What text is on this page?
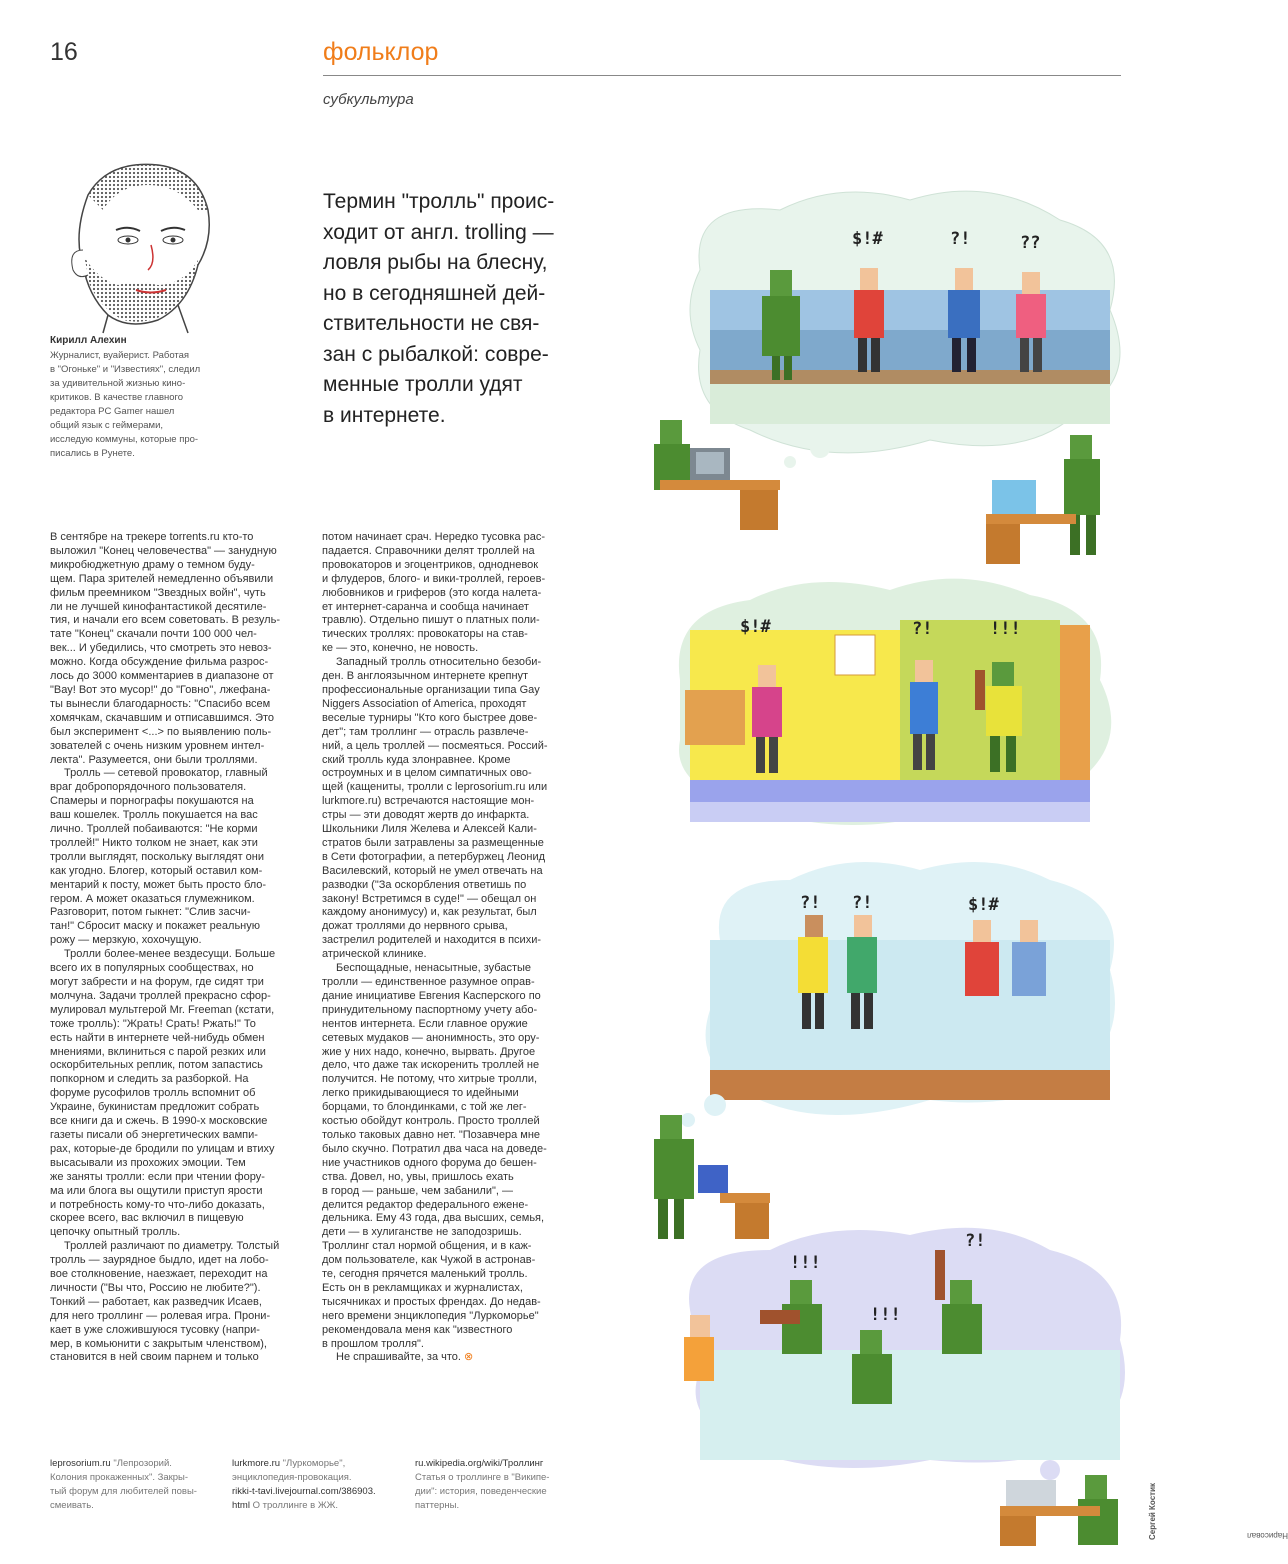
16	фольклор
субкультура
Кирилл Алехин
Журналист, вуайерист. Работая
в "Огоньке" и "Известиях", следил
за удивительной жизнью кино-
критиков. В качестве главного
редактора PC Gamer нашел
общий язык с геймерами,
исследую коммуны, которые про-
писались в Рунете.
Термин "тролль" проис-
ходит от англ. trolling —
ловля рыбы на блесну,
но в сегодняшней дей-
ствительности не свя-
зан с рыбалкой: совре-
менные тролли удят
в интернете.

В сентябре на трекере torrents.ru кто-то
выложил "Конец человечества" — занудную
микробюджетную драму о темном буду-
щем. Пара зрителей немедленно объявили
фильм преемником "Звездных войн", чуть
ли не лучшей кинофантастикой десятиле-
тия, и начали его всем советовать. В резуль-
тате "Конец" скачали почти 100 000 чел-
век... И убедились, что смотреть это невоз-
можно. Когда обсуждение фильма разрос-
лось до 3000 комментариев в диапазоне от
"Вау! Вот это мусор!" до "Говно", лжефана-
ты вынесли благодарность: "Спасибо всем
хомячкам, скачавшим и отписавшимся. Это
был эксперимент <...> по выявлению поль-
зователей с очень низким уровнем интел-
лекта". Разумеется, они были троллями.

Тролль — сетевой провокатор, главный
враг добропорядочного пользователя.
Спамеры и порнографы покушаются на
ваш кошелек. Тролль покушается на вас
лично. Троллей побаиваются: "Не корми
троллей!" Никто толком не знает, как эти
тролли выглядят, поскольку выглядят они
как угодно. Блогер, который оставил ком-
ментарий к посту, может быть просто бло-
гером. А может оказаться глумежником.
Разговорит, потом гыкнет: "Слив засчи-
тан!" Сбросит маску и покажет реальную
рожу — мерзкую, хохочущую.

Тролли более-менее вездесущи. Больше
всего их в популярных сообществах, но
могут забрести и на форум, где сидят три
молчуна. Задачи троллей прекрасно сфор-
мулировал мультгерой Mr. Freeman (кстати,
тоже тролль): "Жрать! Срать! Ржать!" То
есть найти в интернете чей-нибудь обмен
мнениями, вклиниться с парой резких или
оскорбительных реплик, потом запастись
попкорном и следить за разборкой. На
форуме русофилов тролль вспомнит об
Украине, букинистам предложит собрать
все книги да и сжечь. В 1990-х московские
газеты писали об энергетических вампи-
рах, которые-де бродили по улицам и втиху
высасывали из прохожих эмоции. Тем
же заняты тролли: если при чтении фору-
ма или блога вы ощутили приступ ярости
и потребность кому-то что-либо доказать,
скорее всего, вас включил в пищевую
цепочку опытный тролль.

Троллей различают по диаметру. Толстый
тролль — заурядное быдло, идет на лобо-
вое столкновение, наезжает, переходит на
личности ("Вы что, Россию не любите?").
Тонкий — работает, как разведчик Исаев,
для него троллинг — ролевая игра. Прони-
кает в уже сложившуюся тусовку (напри-
мер, в комьюнити с закрытым членством),
становится в ней своим парнем и только

потом начинает срач. Нередко тусовка рас-
падается. Справочники делят троллей на
провокаторов и эгоцентриков, однодневок
и флудеров, блого- и вики-троллей, героев-
любовников и гриферов (это когда налета-
ет интернет-саранча и сообща начинает
травлю). Отдельно пишут о платных поли-
тических троллях: провокаторы на став-
ке — это, конечно, не новость.

Западный тролль относительно безоби-
ден. В англоязычном интернете крепнут
профессиональные организации типа Gay
Niggers Association of America, проходят
веселые турниры "Кто кого быстрее дове-
дет"; там троллинг — отрасль развлече-
ний, а цель троллей — посмеяться. Россий-
ский тролль куда злонравнее. Кроме
остроумных и в целом симпатичных ово-
щей (кащениты, тролли с leprosorium.ru или
lurkmore.ru) встречаются настоящие мон-
стры — эти доводят жертв до инфаркта.
Школьники Лиля Желева и Алексей Кали-
стратов были затравлены за размещенные
в Сети фотографии, а петербуржец Леонид
Василевский, который не умел отвечать на
разводки ("За оскорбления ответишь по
закону! Встретимся в суде!" — обещал он
каждому анонимусу) и, как результат, был
дожат троллями до нервного срыва,
застрелил родителей и находится в психи-
атрической клинике.

Беспощадные, ненасытные, зубастые
тролли — единственное разумное оправ-
дание инициативе Евгения Касперского по
принудительному паспортному учету або-
нентов интернета. Если главное оружие
сетевых мудаков — анонимность, это ору-
жие у них надо, конечно, вырвать. Другое
дело, что даже так искоренить троллей не
получится. Не потому, что хитрые тролли,
легко прикидывающиеся то идейными
борцами, то блондинками, с той же лег-
костью обойдут контроль. Просто троллей
только таковых давно нет. "Позавчера мне
было скучно. Потратил два часа на доведе-
ние участников одного форума до бешен-
ства. Довел, но, увы, пришлось ехать
в город — раньше, чем забанили", —
делится редактор федерального еженe-
дельника. Ему 43 года, два высших, семья,
дети — в хулиганстве не заподозришь.
Троллинг стал нормой общения, и в каж-
дом пользователе, как Чужой в астронав-
те, сегодня прячется маленький тролль.
Есть он в рекламщиках и журналистах,
тысячниках и простых френдах. До недав-
него времени энциклопедия "Луркоморье"
рекомендовала меня как "известного
в прошлом тролля".

Не спрашивайте, за что. ⊗

leprosorium.ru "Лепрозорий.
Колония прокаженных". Закры-
тый форум для любителей повы-
смеивать.
lurkmore.ru "Луркоморье",
энциклопедия-провокация.
rikki-t-tavi.livejournal.com/386903.
html О троллинге в ЖЖ.
ru.wikipedia.org/wiki/Троллинг
Статья о троллинге в "Википе-
дии": история, поведенческие
паттерны.
$!#	?!	??
$!#	?!	!!!
?! ?!	$!#
!!!
?!
!!!
Нарисовал
Сергей Костик
